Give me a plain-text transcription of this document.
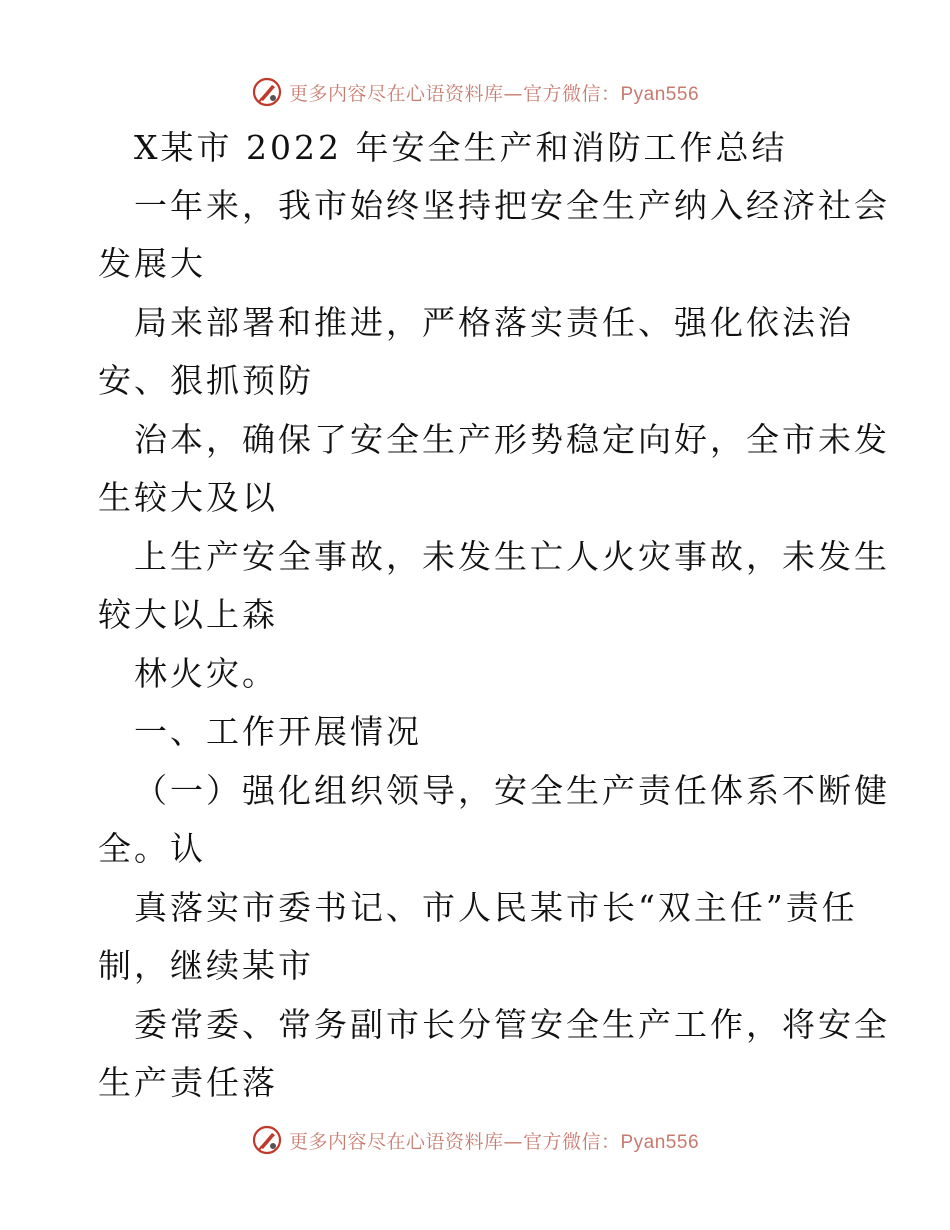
更多内容尽在心语资料库—官方微信：Pyan556
X某市 2022 年安全生产和消防工作总结
一年来，我市始终坚持把安全生产纳入经济社会
发展大
局来部署和推进，严格落实责任、强化依法治
安、狠抓预防
治本，确保了安全生产形势稳定向好，全市未发
生较大及以
上生产安全事故，未发生亡人火灾事故，未发生
较大以上森
林火灾。
一、工作开展情况
（一）强化组织领导，安全生产责任体系不断健
全。认
真落实市委书记、市人民某市长“双主任”责任
制，继续某市
委常委、常务副市长分管安全生产工作，将安全
生产责任落
更多内容尽在心语资料库—官方微信：Pyan556
